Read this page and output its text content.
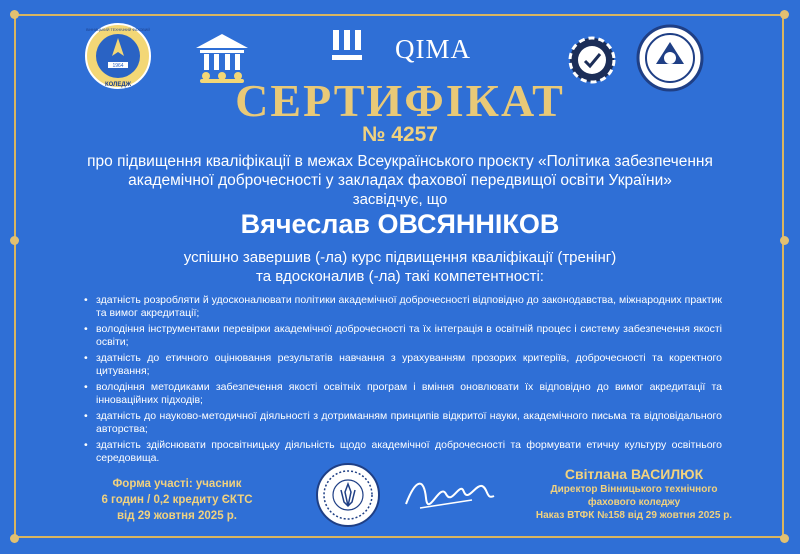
1964
КОЛЕДЖ
ВІННИЦЬКИЙ ТЕХНІЧНИЙ ФАХОВИЙ
QIMA
СЕРТИФІКАТ
№ 4257
про підвищення кваліфікації в межах Всеукраїнського проєкту «Політика забезпечення
академічної доброчесності у закладах фахової передвищої освіти України»
засвідчує, що
Вячеслав ОВСЯННІКОВ
успішно завершив (-ла) курс підвищення кваліфікації (тренінг)
та вдосконалив (-ла) такі компетентності:
• здатність розробляти й удосконалювати політики академічної доброчесності відповідно до законодавства, міжнародних практик та вимог акредитації;
• володіння інструментами перевірки академічної доброчесності та їх інтеграція в освітній процес і систему забезпечення якості освіти;
• здатність до етичного оцінювання результатів навчання з урахуванням прозорих критеріїв, доброчесності та коректного цитування;
• володіння методиками забезпечення якості освітніх програм і вміння оновлювати їх відповідно до вимог акредитації та інноваційних підходів;
• здатність до науково-методичної діяльності з дотриманням принципів відкритої науки, академічного письма та відповідального авторства;
• здатність здійснювати просвітницьку діяльність щодо академічної доброчесності та формувати етичну культуру освітнього середовища.
Форма участі: учасник
6 годин / 0,2 кредиту ЄКТС
від 29 жовтня 2025 р.
Світлана ВАСИЛЮК
Директор Вінницького технічного
фахового коледжу
Наказ ВТФК №158 від 29 жовтня 2025 р.
